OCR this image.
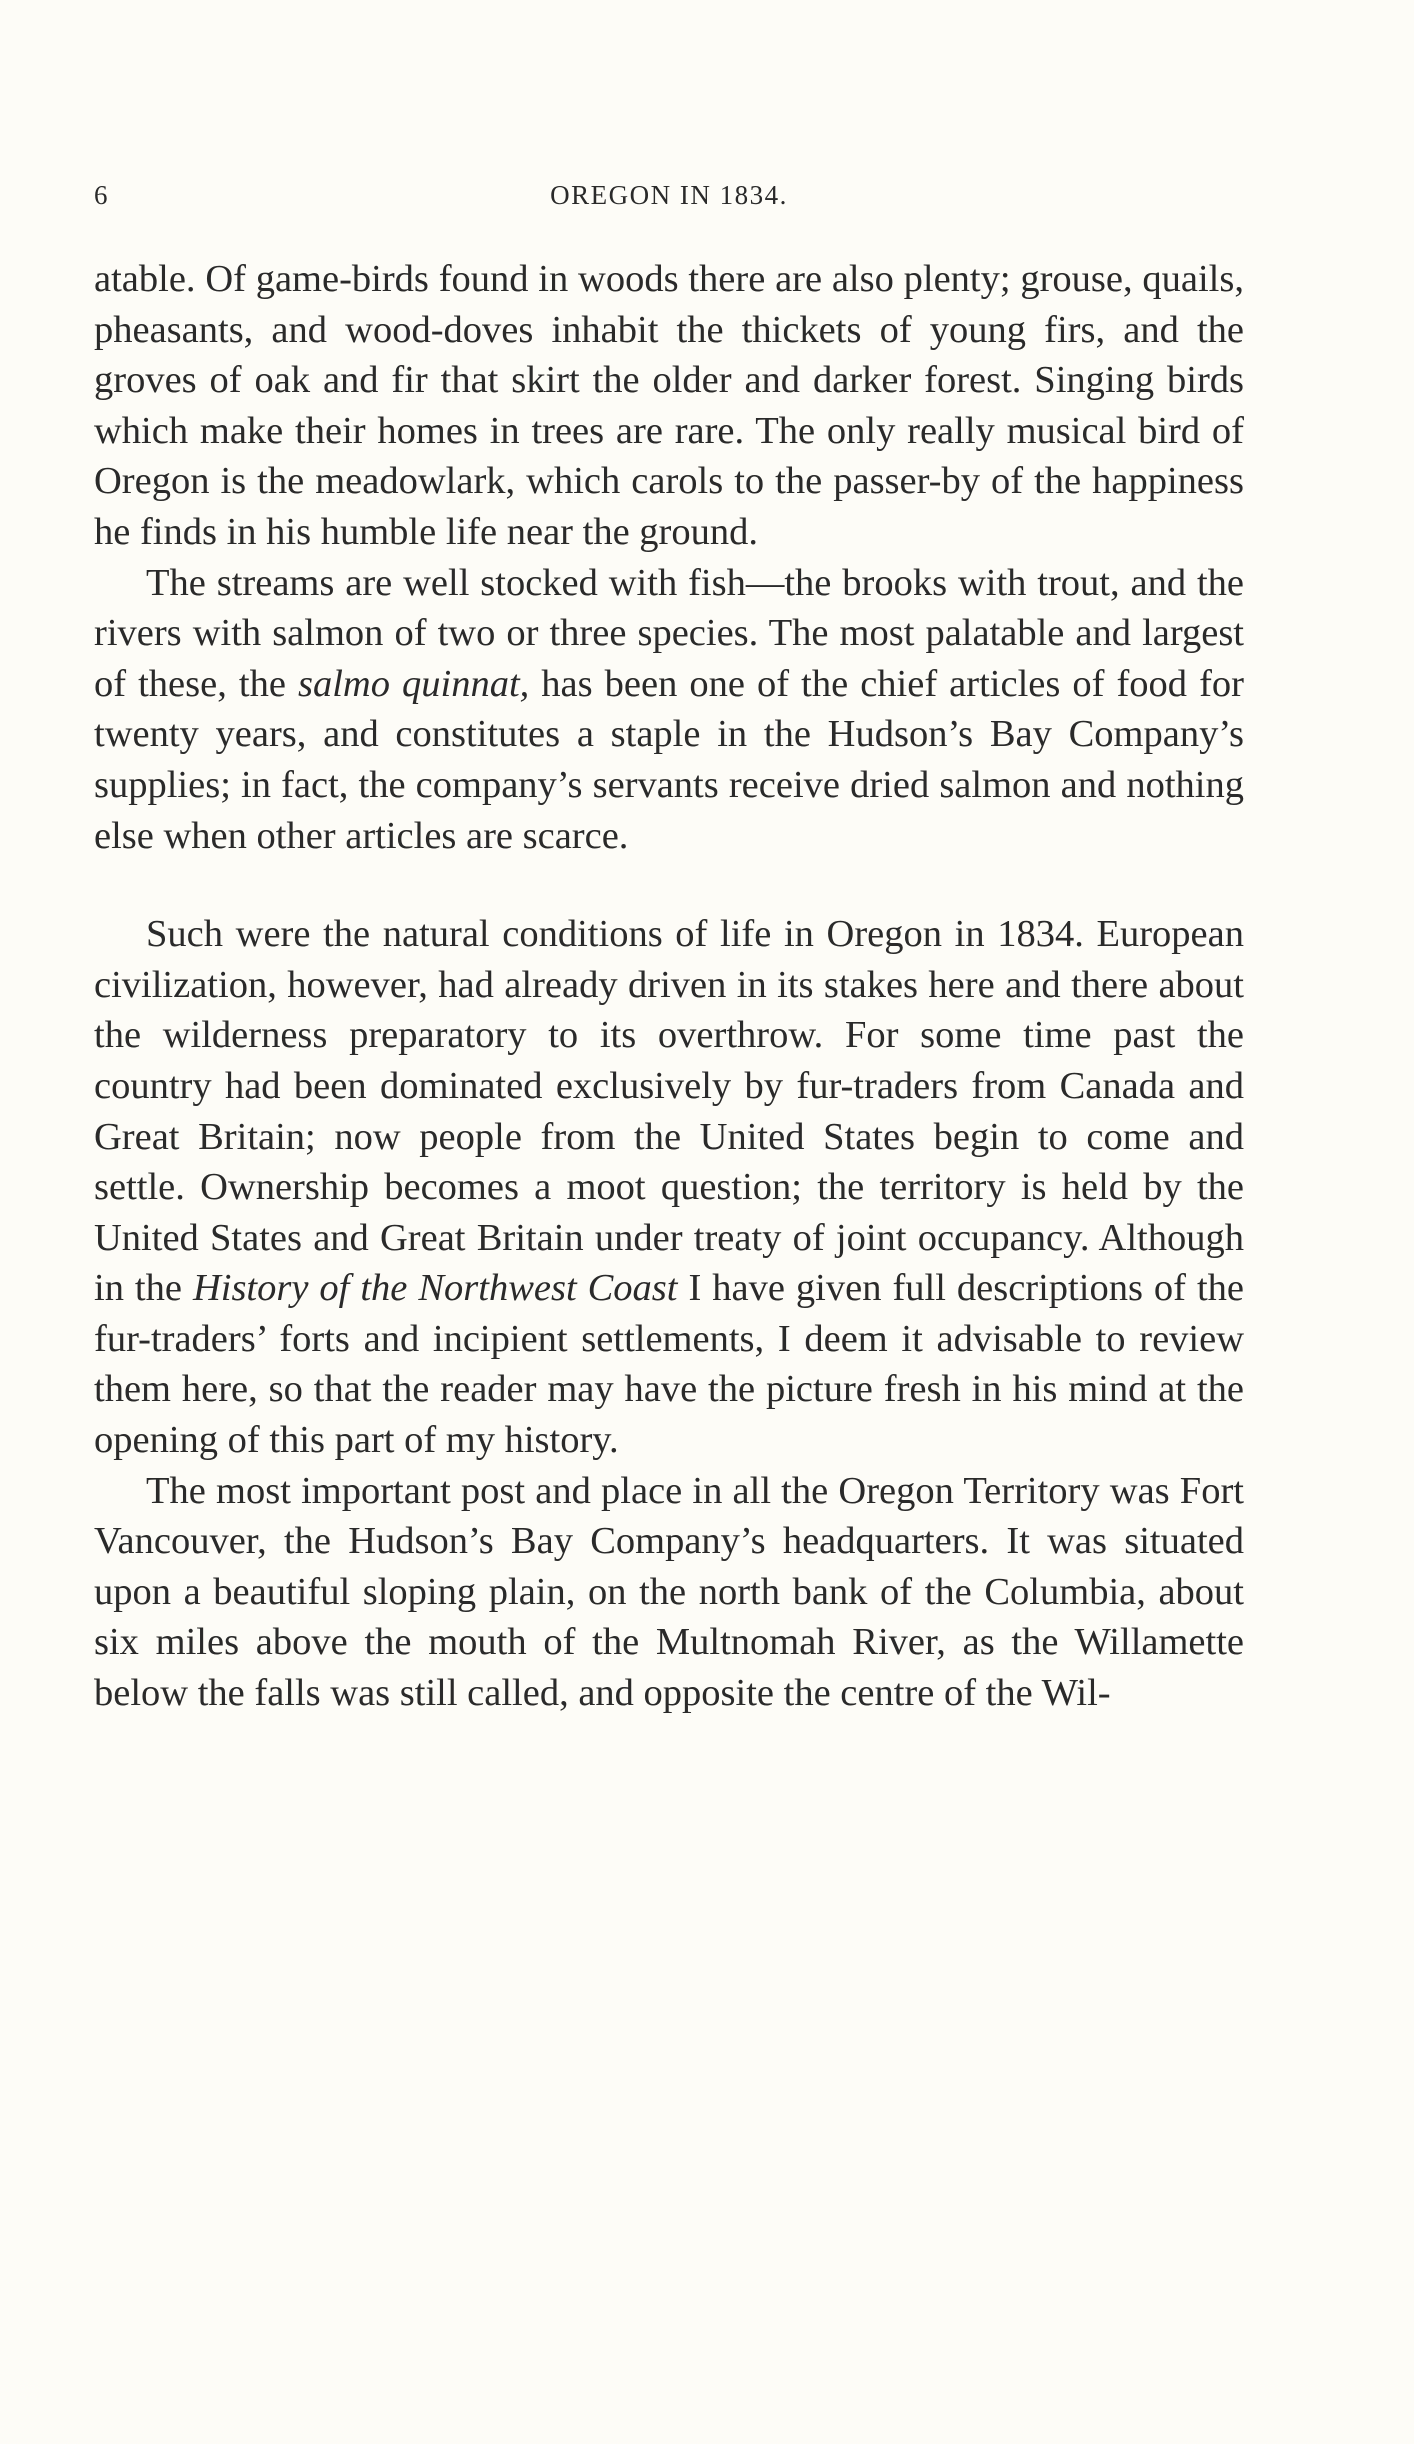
6	OREGON IN 1834.

atable. Of game-birds found in woods there are also plenty; grouse, quails, pheasants, and wood-doves inhabit the thickets of young firs, and the groves of oak and fir that skirt the older and darker forest. Singing birds which make their homes in trees are rare. The only really musical bird of Oregon is the meadowlark, which carols to the passer-by of the happiness he finds in his humble life near the ground.

The streams are well stocked with fish—the brooks with trout, and the rivers with salmon of two or three species. The most palatable and largest of these, the salmo quinnat, has been one of the chief articles of food for twenty years, and constitutes a staple in the Hudson’s Bay Company’s supplies; in fact, the company’s servants receive dried salmon and nothing else when other articles are scarce.

Such were the natural conditions of life in Oregon in 1834. European civilization, however, had already driven in its stakes here and there about the wilderness preparatory to its overthrow. For some time past the country had been dominated exclusively by fur-traders from Canada and Great Britain; now people from the United States begin to come and settle. Ownership becomes a moot question; the territory is held by the United States and Great Britain under treaty of joint occupancy. Although in the History of the Northwest Coast I have given full descriptions of the fur-traders’ forts and incipient settlements, I deem it advisable to review them here, so that the reader may have the picture fresh in his mind at the opening of this part of my history.

The most important post and place in all the Oregon Territory was Fort Vancouver, the Hudson’s Bay Company’s headquarters. It was situated upon a beautiful sloping plain, on the north bank of the Columbia, about six miles above the mouth of the Multnomah River, as the Willamette below the falls was still called, and opposite the centre of the Wil-
